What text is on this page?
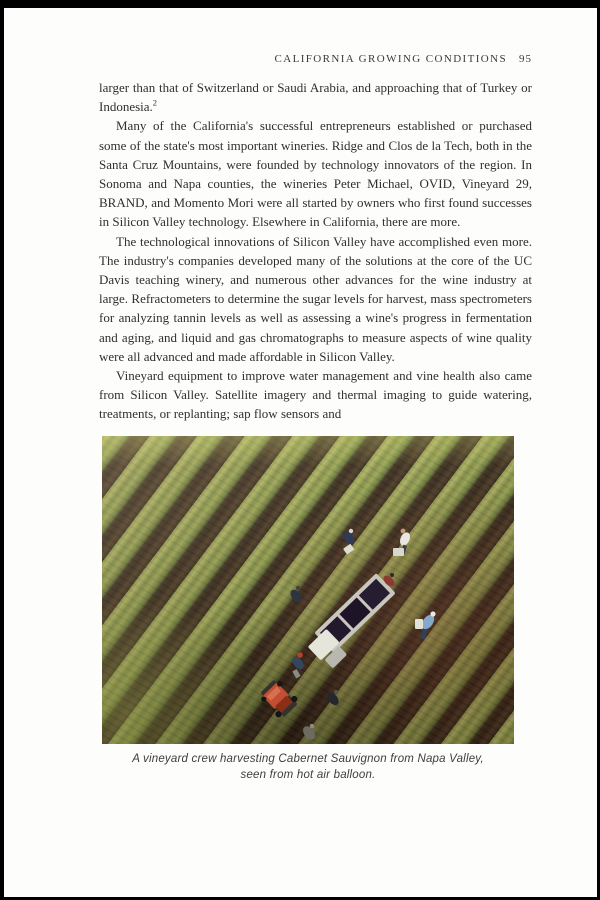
CALIFORNIA GROWING CONDITIONS 95

larger than that of Switzerland or Saudi Arabia, and approaching that of Turkey or Indonesia.$^2$

Many of the California's successful entrepreneurs established or purchased some of the state's most important wineries. Ridge and Clos de la Tech, both in the Santa Cruz Mountains, were founded by technology innovators of the region. In Sonoma and Napa counties, the wineries Peter Michael, OVID, Vineyard 29, BRAND, and Momento Mori were all started by owners who first found successes in Silicon Valley technology. Elsewhere in California, there are more.

The technological innovations of Silicon Valley have accomplished even more. The industry's companies developed many of the solutions at the core of the UC Davis teaching winery, and numerous other advances for the wine industry at large. Refractometers to determine the sugar levels for harvest, mass spectrometers for analyzing tannin levels as well as assessing a wine's progress in fermentation and aging, and liquid and gas chromatographs to measure aspects of wine quality were all advanced and made affordable in Silicon Valley.

Vineyard equipment to improve water management and vine health also came from Silicon Valley. Satellite imagery and thermal imaging to guide watering, treatments, or replanting; sap flow sensors and

A vineyard crew harvesting Cabernet Sauvignon from Napa Valley,
seen from hot air balloon.
